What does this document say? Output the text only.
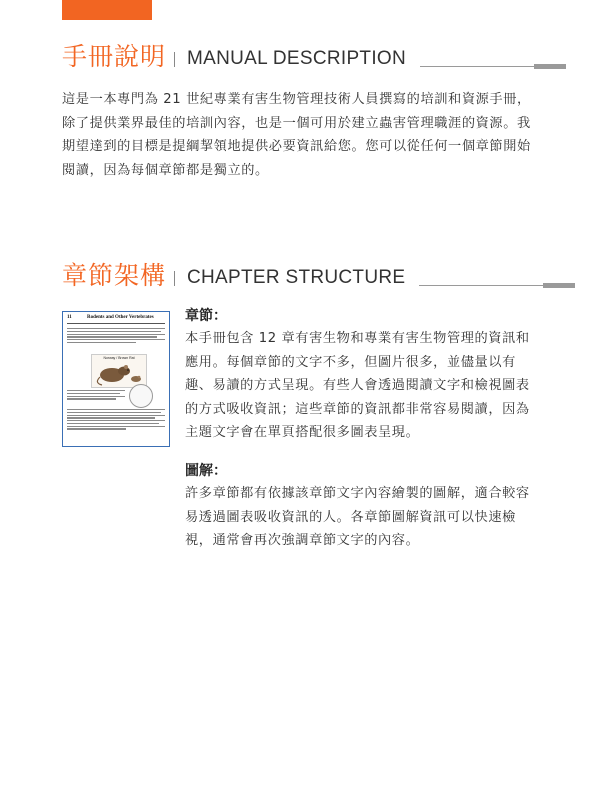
手冊說明 MANUAL DESCRIPTION
這是一本專門為 21 世紀專業有害生物管理技術人員撰寫的培訓和資源手冊，除了提供業界最佳的培訓內容，也是一個可用於建立蟲害管理職涯的資源。我期望達到的目標是提綱挈領地提供必要資訊給您。您可以從任何一個章節開始閱讀，因為每個章節都是獨立的。
章節架構 CHAPTER STRUCTURE
11	Rodents and Other Vertebrates
Norway / Brown Rat
章節：
本手冊包含 12 章有害生物和專業有害生物管理的資訊和應用。每個章節的文字不多，但圖片很多，並儘量以有趣、易讀的方式呈現。有些人會透過閱讀文字和檢視圖表的方式吸收資訊；這些章節的資訊都非常容易閱讀，因為主題文字會在單頁搭配很多圖表呈現。
圖解：
許多章節都有依據該章節文字內容繪製的圖解，適合較容易透過圖表吸收資訊的人。各章節圖解資訊可以快速檢視，通常會再次強調章節文字的內容。
